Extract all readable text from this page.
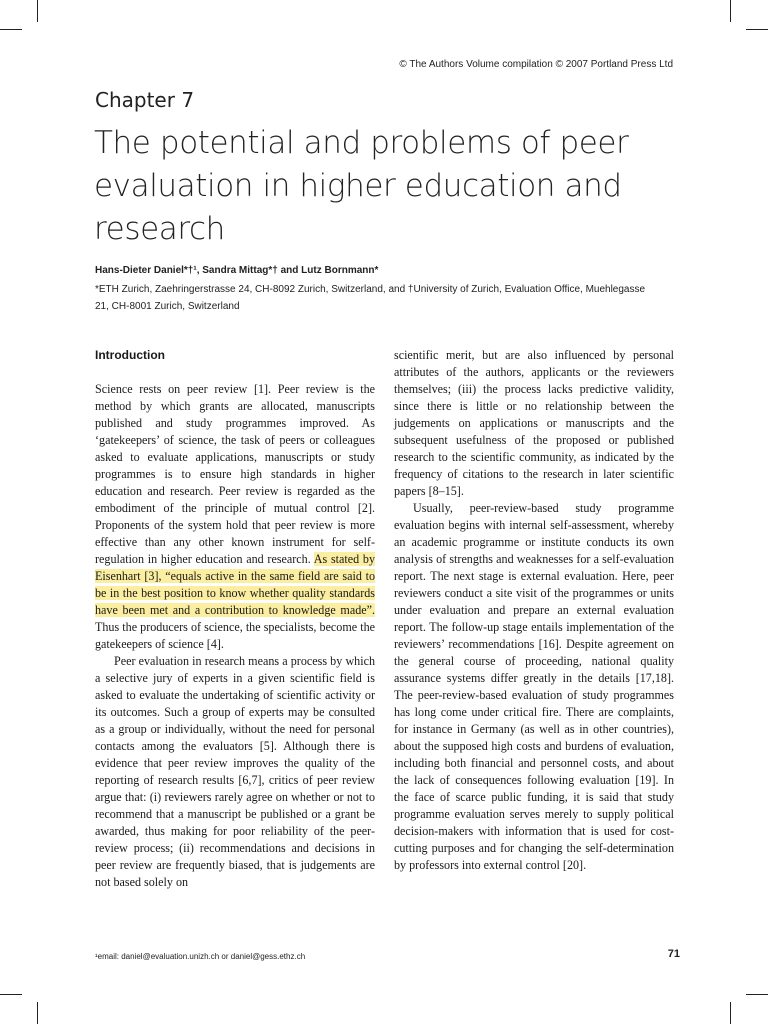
© The Authors Volume compilation © 2007 Portland Press Ltd
Chapter 7
The potential and problems of peer evaluation in higher education and research
Hans-Dieter Daniel*†¹, Sandra Mittag*† and Lutz Bornmann*
*ETH Zurich, Zaehringerstrasse 24, CH-8092 Zurich, Switzerland, and †University of Zurich, Evaluation Office, Muehlegasse 21, CH-8001 Zurich, Switzerland
Introduction

Science rests on peer review [1]. Peer review is the method by which grants are allocated, manuscripts published and study programmes improved. As ‘gatekeepers’ of science, the task of peers or colleagues asked to evaluate applications, manuscripts or study programmes is to ensure high standards in higher education and research. Peer review is regarded as the embodiment of the principle of mutual control [2]. Proponents of the system hold that peer review is more effective than any other known instrument for self-regulation in higher education and research. As stated by Eisenhart [3], “equals active in the same field are said to be in the best position to know whether quality standards have been met and a contribution to knowledge made”. Thus the producers of science, the specialists, become the gatekeepers of science [4].

Peer evaluation in research means a process by which a selective jury of experts in a given scientific field is asked to evaluate the undertaking of scientific activity or its outcomes. Such a group of experts may be consulted as a group or individually, without the need for personal contacts among the evaluators [5]. Although there is evidence that peer review improves the quality of the reporting of research results [6,7], critics of peer review argue that: (i) reviewers rarely agree on whether or not to recommend that a manuscript be published or a grant be awarded, thus making for poor reliability of the peer-review process; (ii) recommendations and decisions in peer review are frequently biased, that is judgements are not based solely on

scientific merit, but are also influenced by personal attributes of the authors, applicants or the reviewers themselves; (iii) the process lacks predictive validity, since there is little or no relationship between the judgements on applications or manuscripts and the subsequent usefulness of the proposed or published research to the scientific community, as indicated by the frequency of citations to the research in later scientific papers [8–15].

Usually, peer-review-based study programme evaluation begins with internal self-assessment, whereby an academic programme or institute conducts its own analysis of strengths and weaknesses for a self-evaluation report. The next stage is external evaluation. Here, peer reviewers conduct a site visit of the programmes or units under evaluation and prepare an external evaluation report. The follow-up stage entails implementation of the reviewers’ recommendations [16]. Despite agreement on the general course of proceeding, national quality assurance systems differ greatly in the details [17,18]. The peer-review-based evaluation of study programmes has long come under critical fire. There are complaints, for instance in Germany (as well as in other countries), about the supposed high costs and burdens of evaluation, including both financial and personnel costs, and about the lack of consequences following evaluation [19]. In the face of scarce public funding, it is said that study programme evaluation serves merely to supply political decision-makers with information that is used for cost-cutting purposes and for changing the self-determination by professors into external control [20].

¹email: daniel@evaluation.unizh.ch or daniel@gess.ethz.ch	71
